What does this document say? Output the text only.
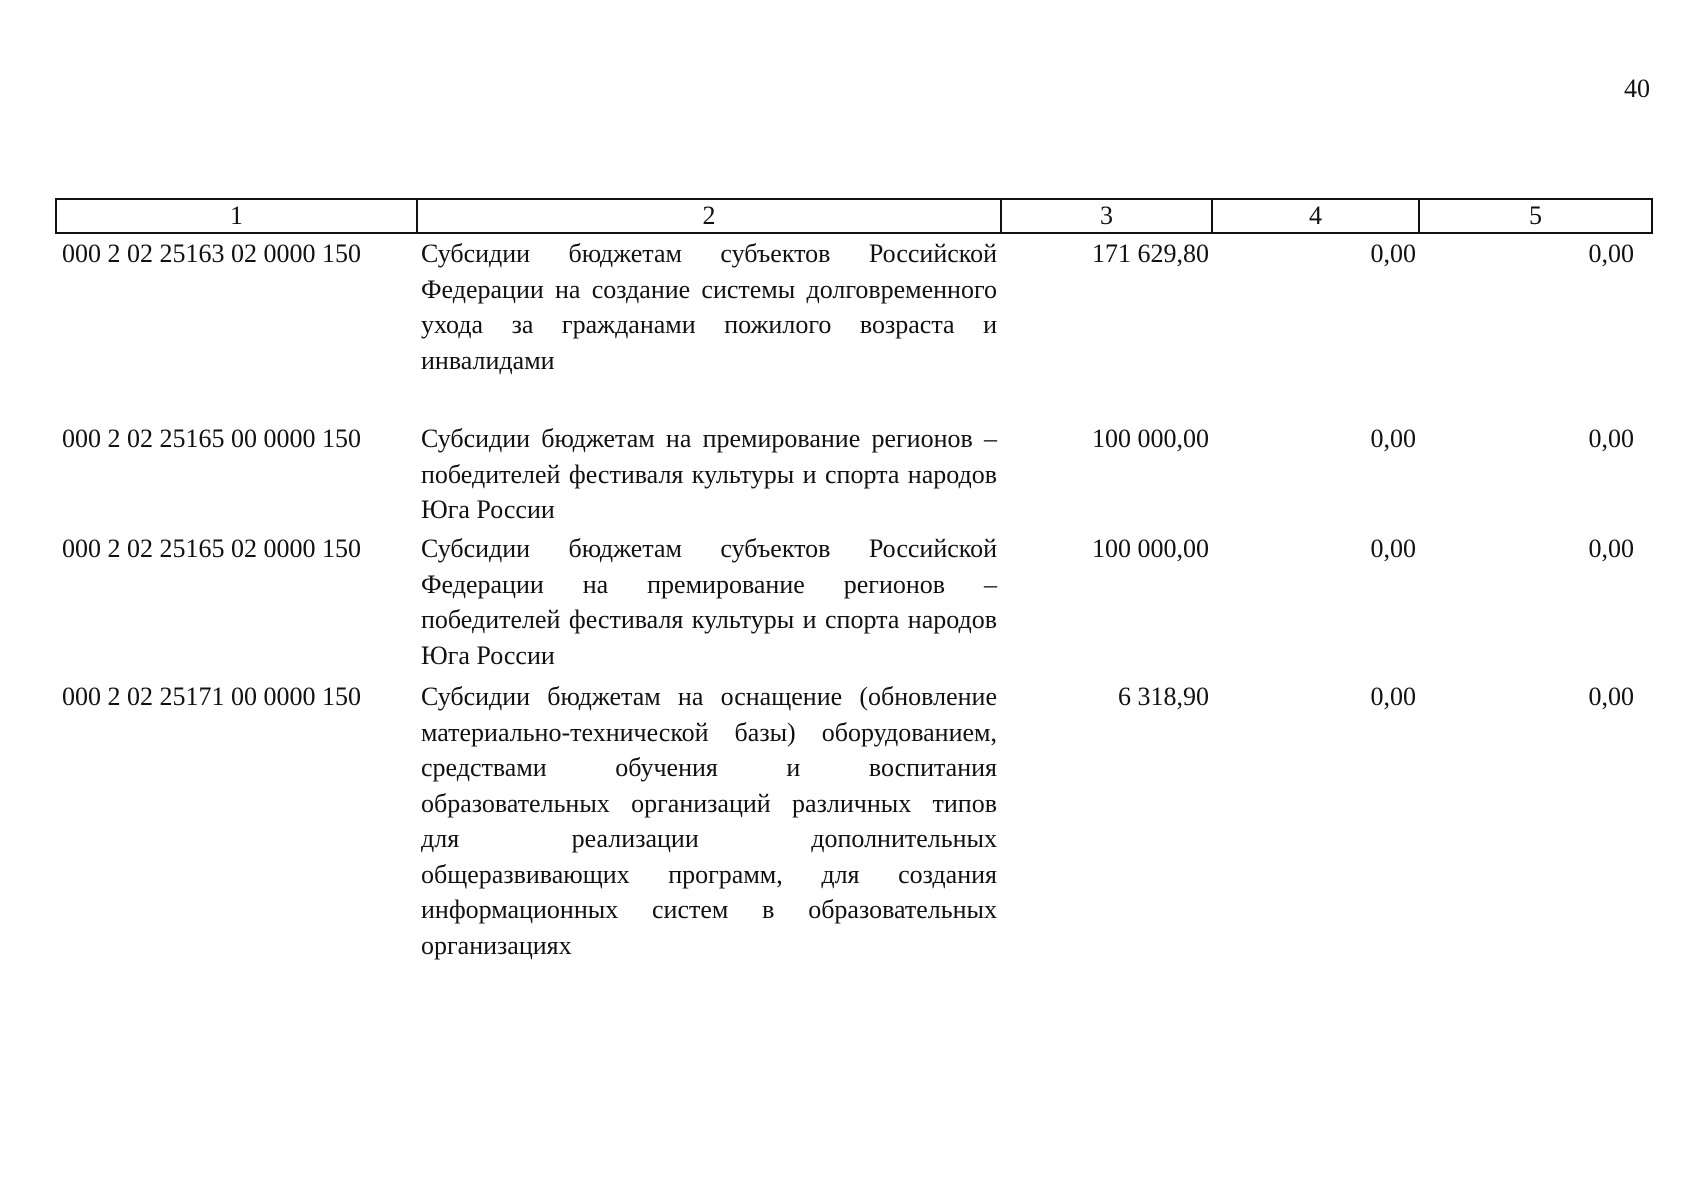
40
1	2	3	4	5
000 2 02 25163 02 0000 150	Субсидии бюджетам субъектов Российской Федерации на создание системы долговременного ухода за гражданами пожилого возраста и инвалидами	171 629,80	0,00	0,00
000 2 02 25165 00 0000 150	Субсидии бюджетам на премирование регионов – победителей фестиваля культуры и спорта народов Юга России	100 000,00	0,00	0,00
000 2 02 25165 02 0000 150	Субсидии бюджетам субъектов Российской Федерации на премирование регионов – победителей фестиваля культуры и спорта народов Юга России	100 000,00	0,00	0,00
000 2 02 25171 00 0000 150	Субсидии бюджетам на оснащение (обновление материально-технической базы) оборудованием, средствами обучения и воспитания образовательных организаций различных типов для реализации дополнительных общеразвивающих программ, для создания информационных систем в образовательных организациях	6 318,90	0,00	0,00
